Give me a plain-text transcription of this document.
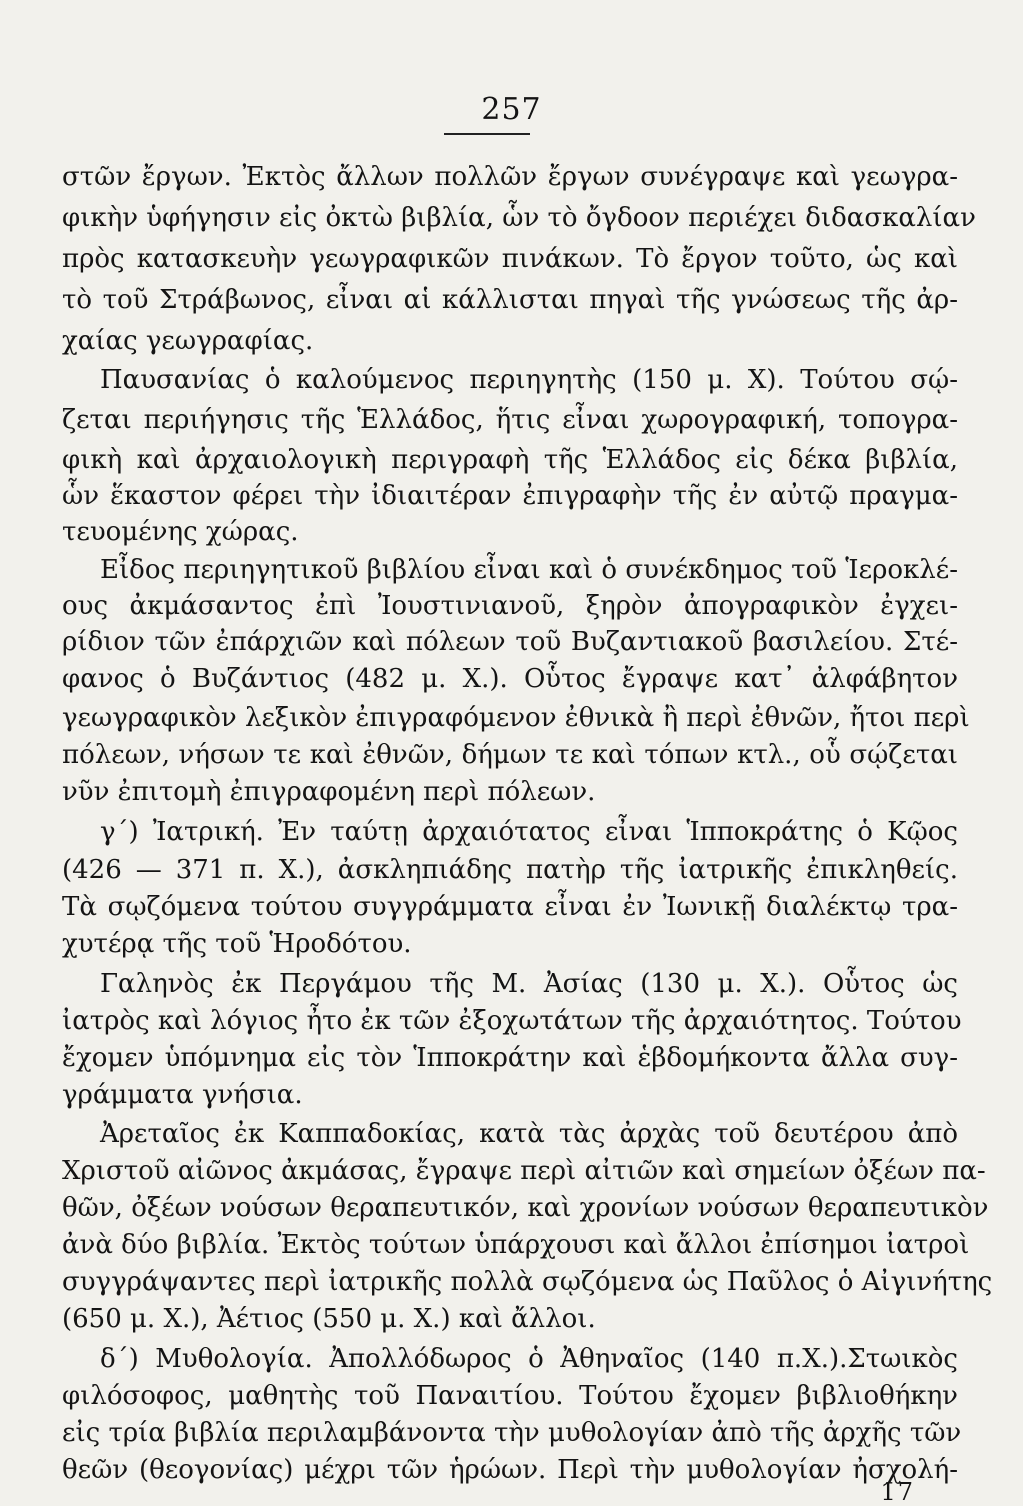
257
στῶν ἔργων. Ἐκτὸς ἄλλων πολλῶν ἔργων συνέγραψε καὶ γεωγρα-
φικὴν ὑφήγησιν εἰς ὀκτὼ βιβλία, ὧν τὸ ὄγδοον περιέχει διδασκαλίαν
πρὸς κατασκευὴν γεωγραφικῶν πινάκων. Τὸ ἔργον τοῦτο, ὡς καὶ
τὸ τοῦ Στράβωνος, εἶναι αἱ κάλλισται πηγαὶ τῆς γνώσεως τῆς ἀρ-
χαίας γεωγραφίας.
Παυσανίας ὁ καλούμενος περιηγητὴς (150 μ. Χ). Τούτου σῴ-
ζεται περιήγησις τῆς Ἑλλάδος, ἥτις εἶναι χωρογραφική, τοπογρα-
φικὴ καὶ ἀρχαιολογικὴ περιγραφὴ τῆς Ἑλλάδος εἰς δέκα βιβλία,
ὧν ἕκαστον φέρει τὴν ἰδιαιτέραν ἐπιγραφὴν τῆς ἐν αὐτῷ πραγμα-
τευομένης χώρας.
Εἶδος περιηγητικοῦ βιβλίου εἶναι καὶ ὁ συνέκδημος τοῦ Ἱεροκλέ-
ους ἀκμάσαντος ἐπὶ Ἰουστινιανοῦ, ξηρὸν ἀπογραφικὸν ἐγχει-
ρίδιον τῶν ἐπάρχιῶν καὶ πόλεων τοῦ Βυζαντιακοῦ βασιλείου. Στέ-
φανος ὁ Βυζάντιος (482 μ. Χ.). Οὗτος ἔγραψε κατ᾽ ἀλφάβητον
γεωγραφικὸν λεξικὸν ἐπιγραφόμενον ἐθνικὰ ἢ περὶ ἐθνῶν, ἤτοι περὶ
πόλεων, νήσων τε καὶ ἐθνῶν, δήμων τε καὶ τόπων κτλ., οὗ σῴζεται
νῦν ἐπιτομὴ ἐπιγραφομένη περὶ πόλεων.
γ΄) Ἰατρική. Ἐν ταύτῃ ἀρχαιότατος εἶναι Ἱπποκράτης ὁ Κῷος
(426 — 371 π. Χ.), ἀσκληπιάδης πατὴρ τῆς ἰατρικῆς ἐπικληθείς.
Τὰ σῳζόμενα τούτου συγγράμματα εἶναι ἐν Ἰωνικῇ διαλέκτῳ τρα-
χυτέρᾳ τῆς τοῦ Ἡροδότου.
Γαληνὸς ἐκ Περγάμου τῆς Μ. Ἀσίας (130 μ. Χ.). Οὗτος ὡς
ἰατρὸς καὶ λόγιος ἦτο ἐκ τῶν ἐξοχωτάτων τῆς ἀρχαιότητος. Τούτου
ἔχομεν ὑπόμνημα εἰς τὸν Ἱπποκράτην καὶ ἑβδομήκοντα ἄλλα συγ-
γράμματα γνήσια.
Ἀρεταῖος ἐκ Καππαδοκίας, κατὰ τὰς ἀρχὰς τοῦ δευτέρου ἀπὸ
Χριστοῦ αἰῶνος ἀκμάσας, ἔγραψε περὶ αἰτιῶν καὶ σημείων ὀξέων πα-
θῶν, ὀξέων νούσων θεραπευτικόν, καὶ χρονίων νούσων θεραπευτικὸν
ἀνὰ δύο βιβλία. Ἐκτὸς τούτων ὑπάρχουσι καὶ ἄλλοι ἐπίσημοι ἰατροὶ
συγγράψαντες περὶ ἰατρικῆς πολλὰ σῳζόμενα ὡς Παῦλος ὁ Αἰγινήτης
(650 μ. Χ.), Ἀέτιος (550 μ. Χ.) καὶ ἄλλοι.
δ΄) Μυθολογία. Ἀπολλόδωρος ὁ Ἀθηναῖος (140 π.Χ.).Στωικὸς
φιλόσοφος, μαθητὴς τοῦ Παναιτίου. Τούτου ἔχομεν βιβλιοθήκην
εἰς τρία βιβλία περιλαμβάνοντα τὴν μυθολογίαν ἀπὸ τῆς ἀρχῆς τῶν
θεῶν (θεογονίας) μέχρι τῶν ἡρώων. Περὶ τὴν μυθολογίαν ἠσχολή-
17
